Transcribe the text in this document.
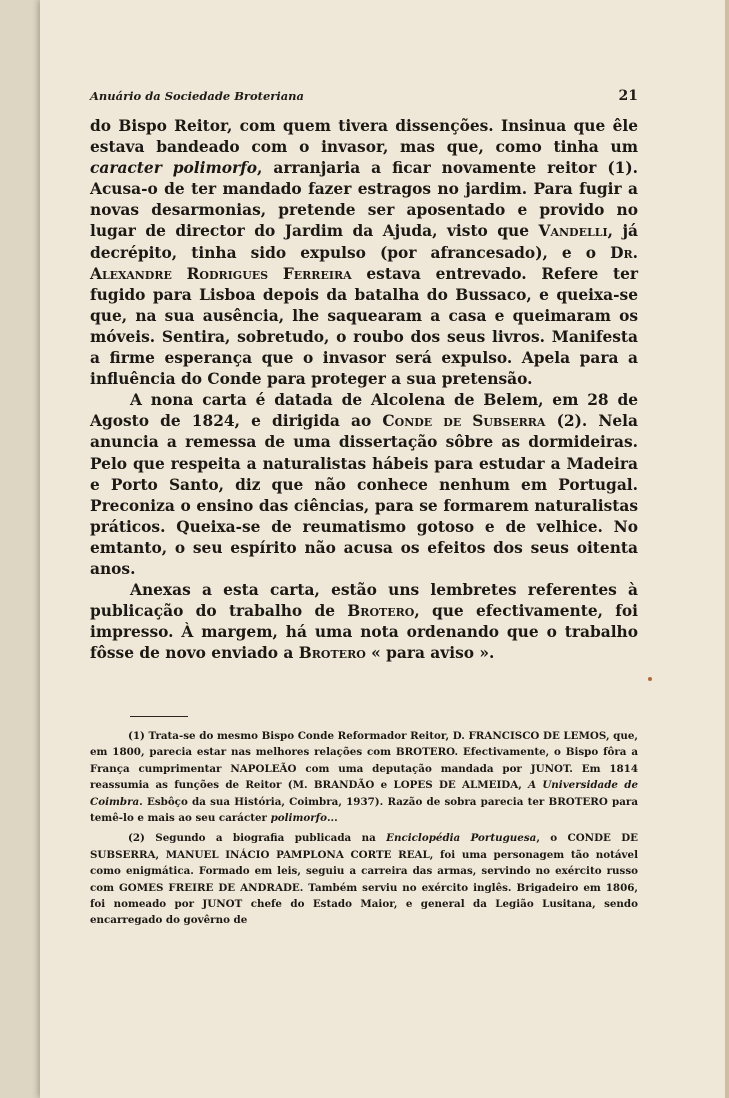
Anuário da Sociedade Broteriana	21

do Bispo Reitor, com quem tivera dissenções. Insinua que êle estava bandeado com o invasor, mas que, como tinha um caracter polimorfo, arranjaria a ficar novamente reitor (1). Acusa-o de ter mandado fazer estragos no jardim. Para fugir a novas desarmonias, pretende ser aposentado e provido no lugar de director do Jardim da Ajuda, visto que Vandelli, já decrépito, tinha sido expulso (por afrancesado), e o Dr. Alexandre Rodrigues Ferreira estava entrevado. Refere ter fugido para Lisboa depois da batalha do Bussaco, e queixa-se que, na sua ausência, lhe saquearam a casa e queimaram os móveis. Sentira, sobretudo, o roubo dos seus livros. Manifesta a firme esperança que o invasor será expulso. Apela para a influência do Conde para proteger a sua pretensão.

A nona carta é datada de Alcolena de Belem, em 28 de Agosto de 1824, e dirigida ao Conde de Subserra (2). Nela anuncia a remessa de uma dissertação sôbre as dormideiras. Pelo que respeita a naturalistas hábeis para estudar a Madeira e Porto Santo, diz que não conhece nenhum em Portugal. Preconiza o ensino das ciências, para se formarem naturalistas práticos. Queixa-se de reumatismo gotoso e de velhice. No emtanto, o seu espírito não acusa os efeitos dos seus oitenta anos.

Anexas a esta carta, estão uns lembretes referentes à publicação do trabalho de Brotero, que efectivamente, foi impresso. À margem, há uma nota ordenando que o trabalho fôsse de novo enviado a Brotero « para aviso ».

(1) Trata-se do mesmo Bispo Conde Reformador Reitor, D. FRANCISCO DE LEMOS, que, em 1800, parecia estar nas melhores relações com BROTERO. Efectivamente, o Bispo fôra a França cumprimentar NAPOLEÃO com uma deputação mandada por JUNOT. Em 1814 reassumia as funções de Reitor (M. BRANDÃO e LOPES DE ALMEIDA, A Universidade de Coimbra. Esbôço da sua História, Coimbra, 1937). Razão de sobra parecia ter BROTERO para temê-lo e mais ao seu carácter polimorfo...

(2) Segundo a biografia publicada na Enciclopédia Portuguesa, o CONDE DE SUBSERRA, MANUEL INÁCIO PAMPLONA CORTE REAL, foi uma personagem tão notável como enigmática. Formado em leis, seguiu a carreira das armas, servindo no exército russo com GOMES FREIRE DE ANDRADE. Também serviu no exército inglês. Brigadeiro em 1806, foi nomeado por JUNOT chefe do Estado Maior, e general da Legião Lusitana, sendo encarregado do govêrno de
